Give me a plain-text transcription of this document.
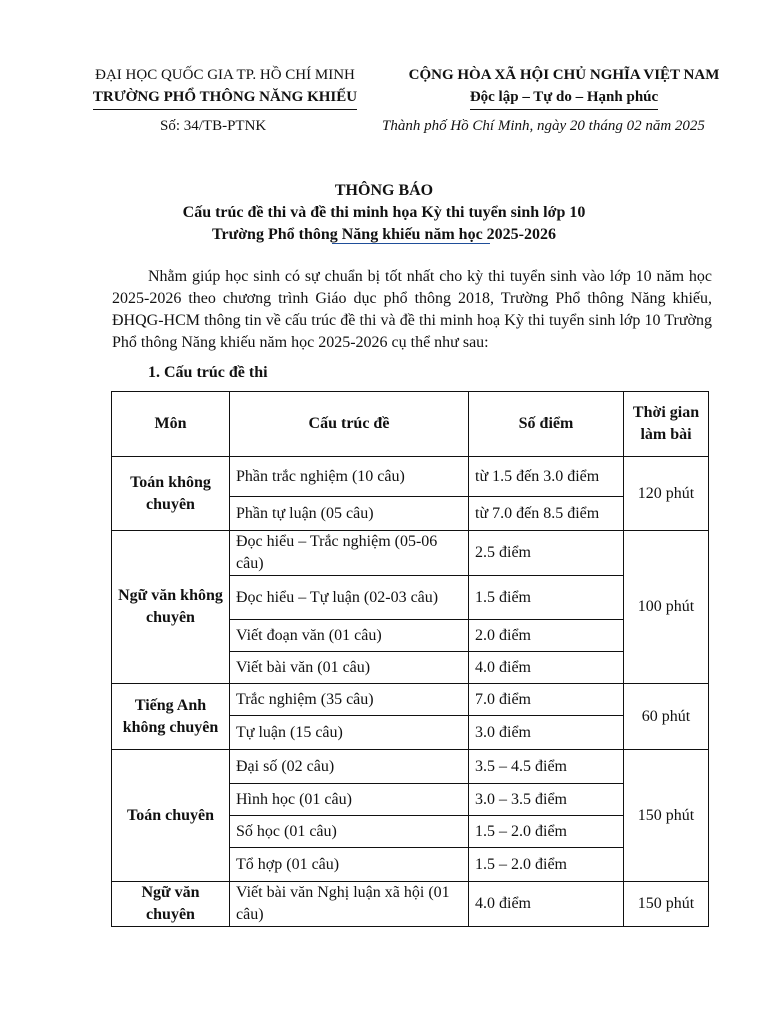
ĐẠI HỌC QUỐC GIA TP. HỒ CHÍ MINH
TRƯỜNG PHỔ THÔNG NĂNG KHIẾU
CỘNG HÒA XÃ HỘI CHỦ NGHĨA VIỆT NAM
Độc lập – Tự do – Hạnh phúc
Số: 34/TB-PTNK	Thành phố Hồ Chí Minh, ngày 20 tháng 02 năm 2025
THÔNG BÁO
Cấu trúc đề thi và đề thi minh họa Kỳ thi tuyển sinh lớp 10
Trường Phổ thông Năng khiếu năm học 2025-2026
Nhằm giúp học sinh có sự chuẩn bị tốt nhất cho kỳ thi tuyển sinh vào lớp 10 năm học 2025-2026 theo chương trình Giáo dục phổ thông 2018, Trường Phổ thông Năng khiếu, ĐHQG-HCM thông tin về cấu trúc đề thi và đề thi minh hoạ Kỳ thi tuyển sinh lớp 10 Trường Phổ thông Năng khiếu năm học 2025-2026 cụ thể như sau:
1. Cấu trúc đề thi
Môn	Cấu trúc đề	Số điểm	Thời gian làm bài
Toán không chuyên	Phần trắc nghiệm (10 câu)	từ 1.5 đến 3.0 điểm	120 phút
	Phần tự luận (05 câu)	từ 7.0 đến 8.5 điểm	
Ngữ văn không chuyên	Đọc hiểu – Trắc nghiệm (05-06 câu)	2.5 điểm	100 phút
	Đọc hiểu – Tự luận (02-03 câu)	1.5 điểm	
	Viết đoạn văn (01 câu)	2.0 điểm	
	Viết bài văn (01 câu)	4.0 điểm	
Tiếng Anh không chuyên	Trắc nghiệm (35 câu)	7.0 điểm	60 phút
	Tự luận (15 câu)	3.0 điểm	
Toán chuyên	Đại số (02 câu)	3.5 – 4.5 điểm	150 phút
	Hình học (01 câu)	3.0 – 3.5 điểm	
	Số học (01 câu)	1.5 – 2.0 điểm	
	Tổ hợp (01 câu)	1.5 – 2.0 điểm	
Ngữ văn chuyên	Viết bài văn Nghị luận xã hội (01 câu)	4.0 điểm	150 phút
